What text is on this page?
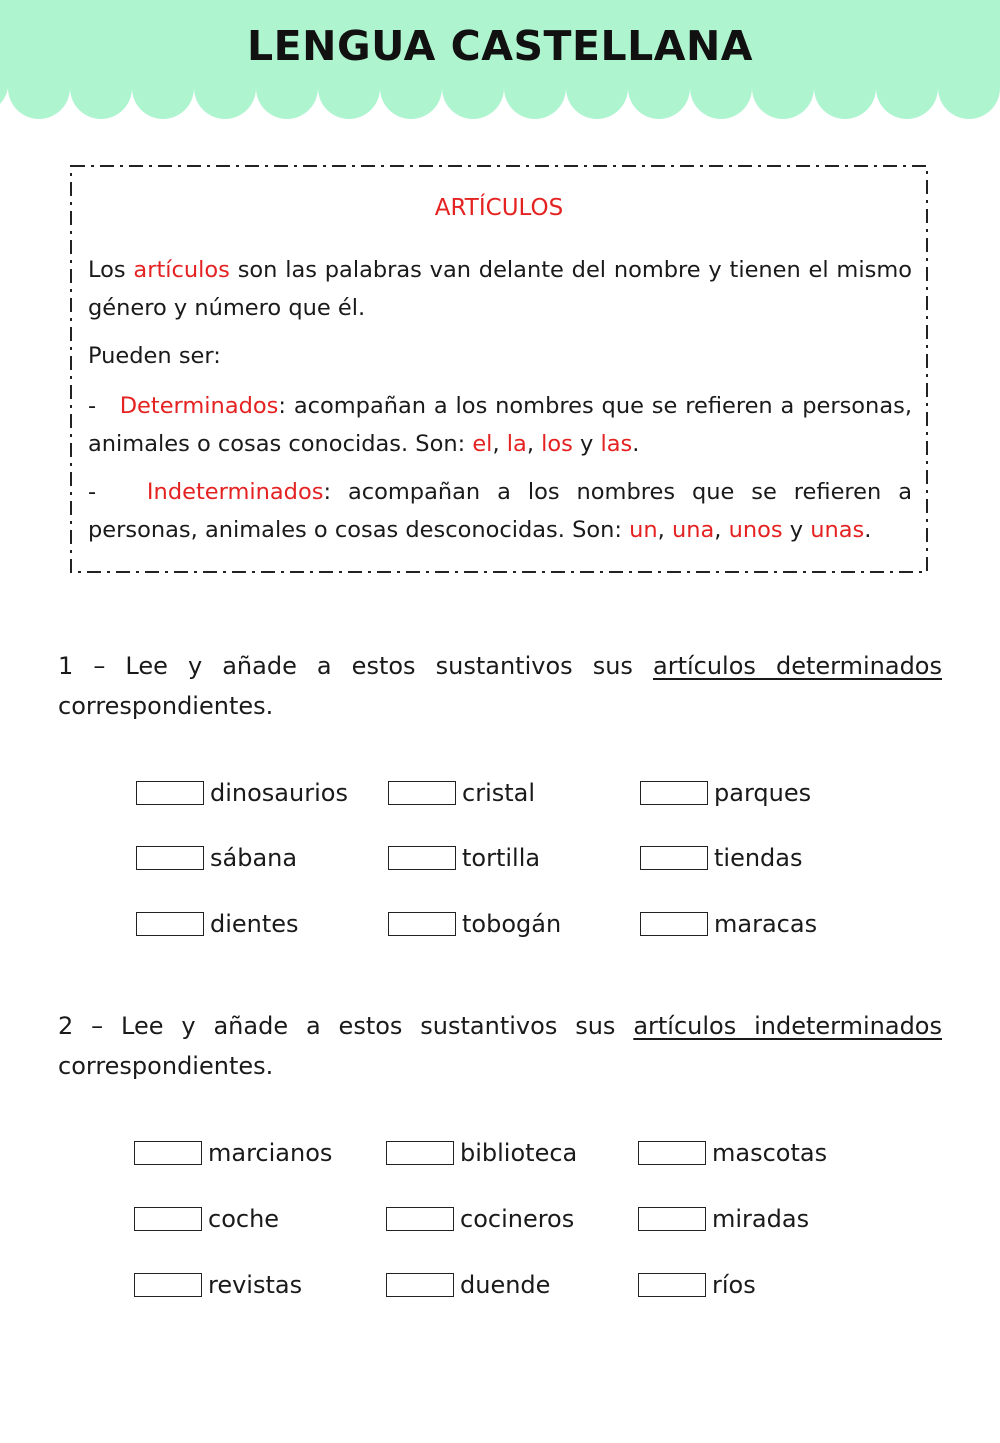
LENGUA CASTELLANA
ARTÍCULOS
Los artículos son las palabras van delante del nombre y tienen el mismo género y número que él.
Pueden ser:
- Determinados: acompañan a los nombres que se refieren a personas, animales o cosas conocidas. Son: el, la, los y las.
- Indeterminados: acompañan a los nombres que se refieren a personas, animales o cosas desconocidas. Son: un, una, unos y unas.
1 – Lee y añade a estos sustantivos sus artículos determinados correspondientes.
dinosaurios	cristal	parques
sábana	tortilla	tiendas
dientes	tobogán	maracas
2 – Lee y añade a estos sustantivos sus artículos indeterminados correspondientes.
marcianos	biblioteca	mascotas
coche	cocineros	miradas
revistas	duende	ríos
